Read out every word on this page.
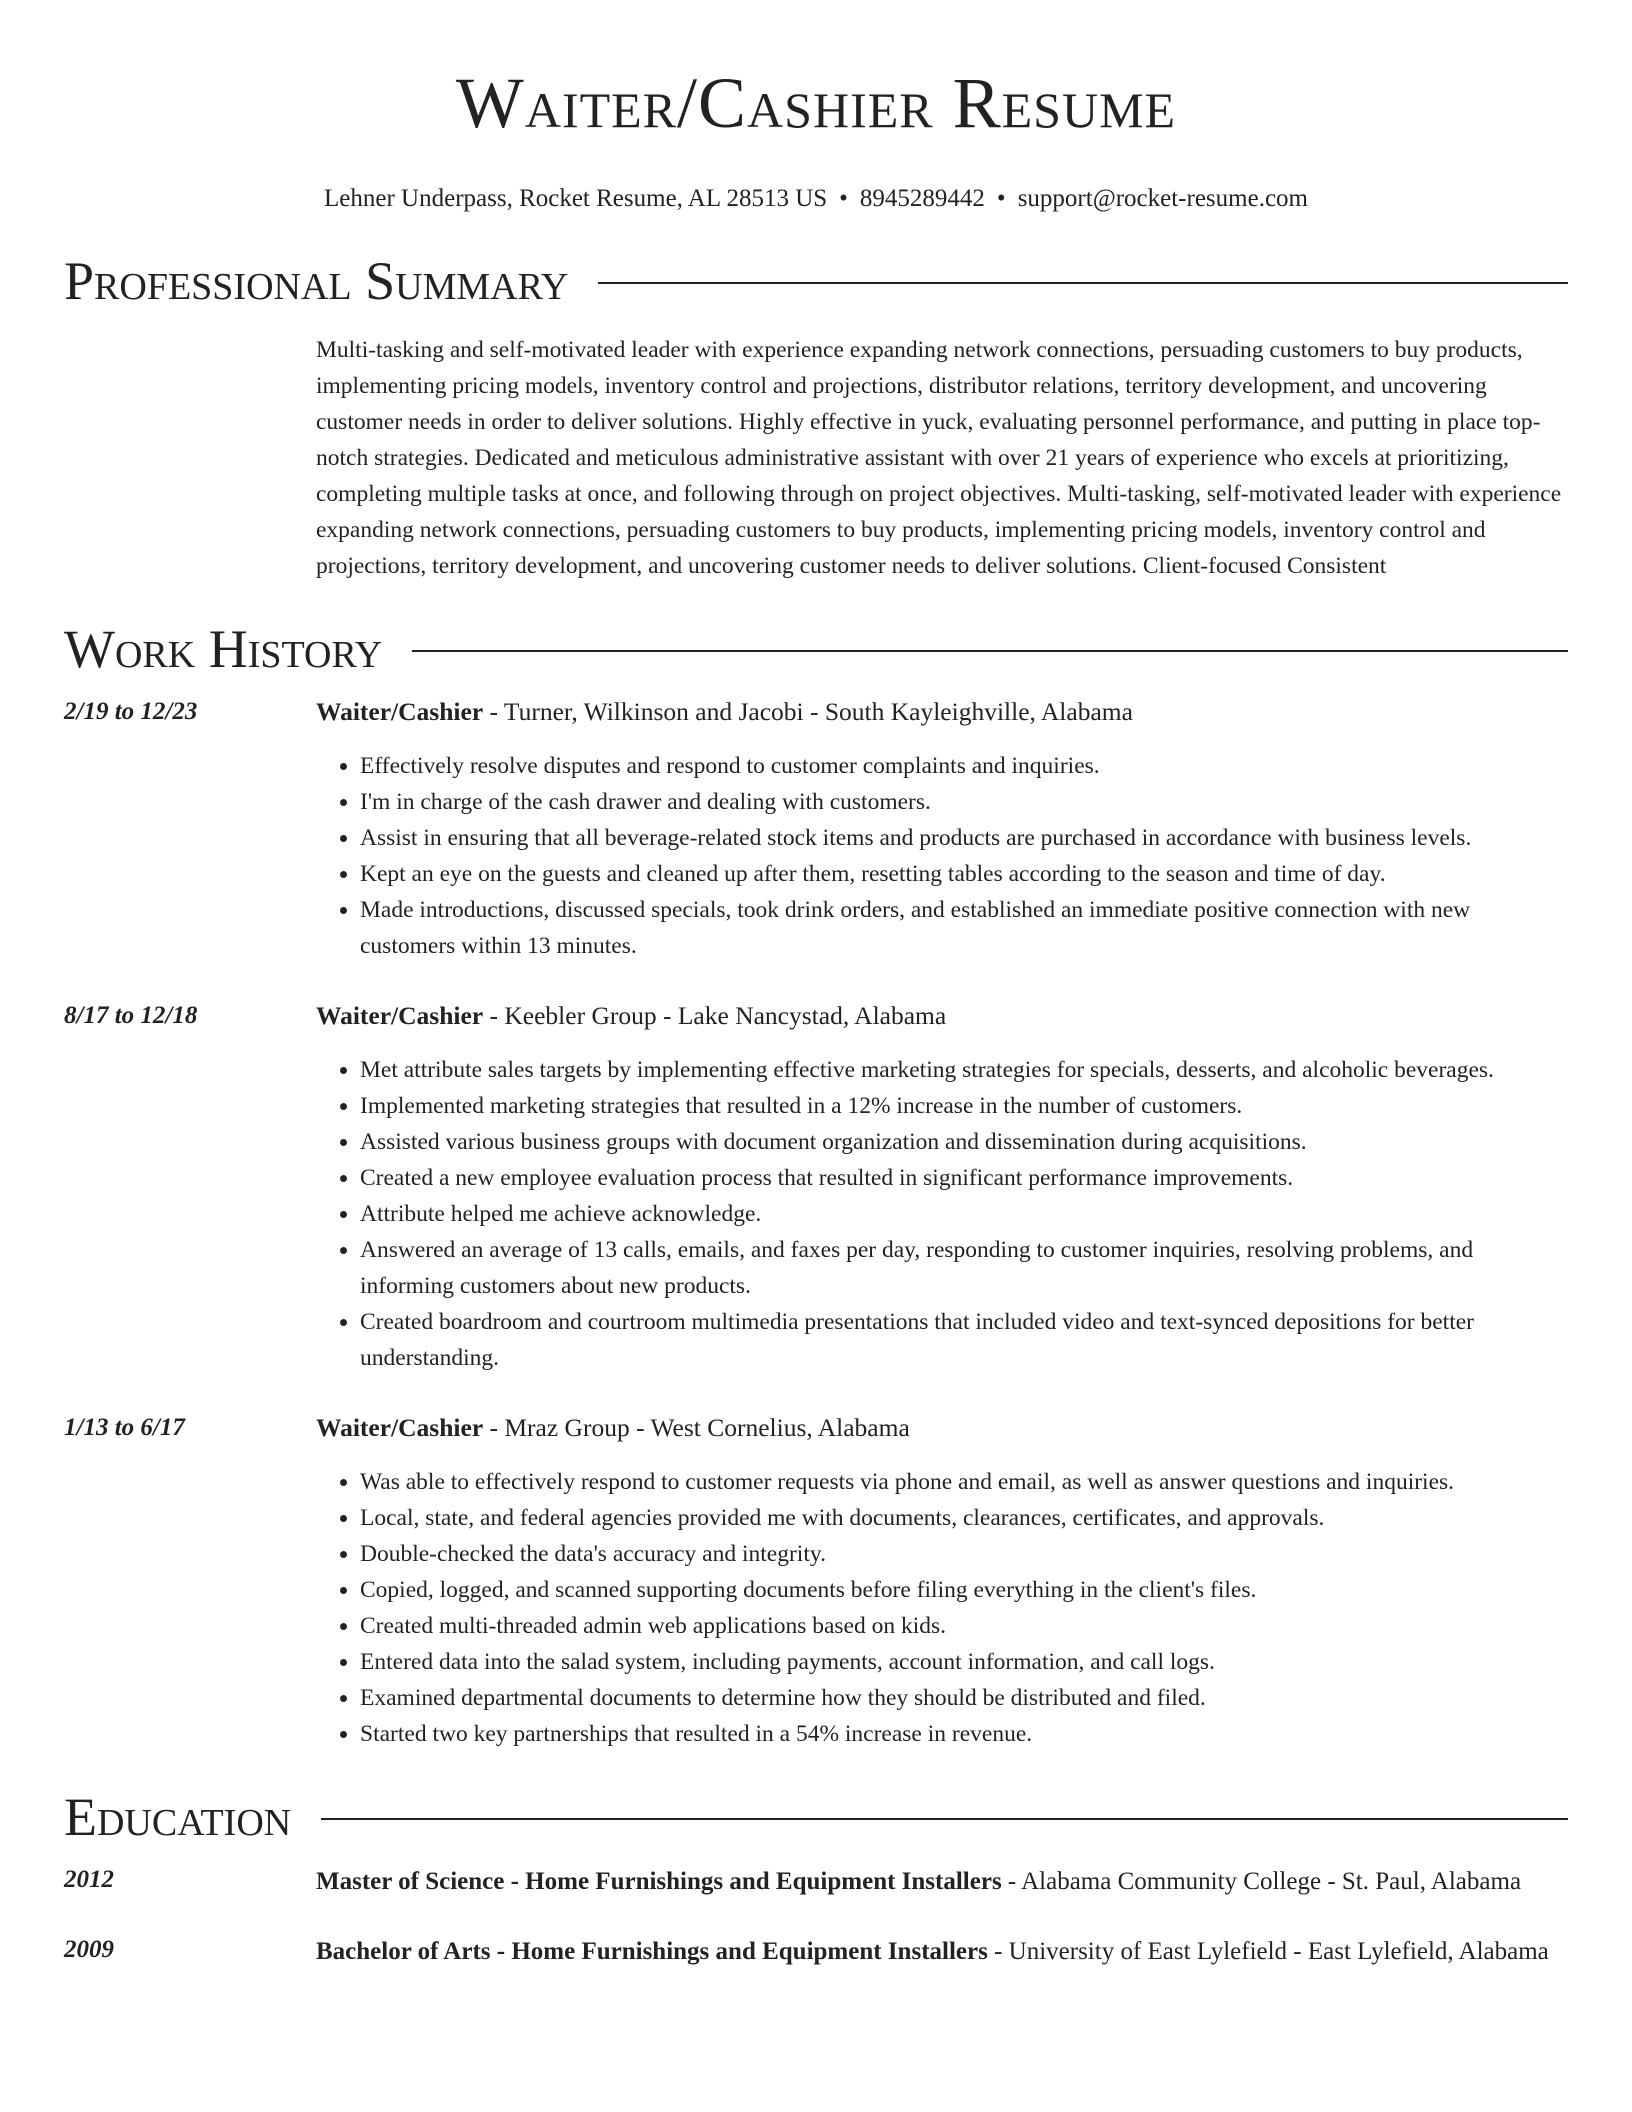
Waiter/Cashier Resume
Lehner Underpass, Rocket Resume, AL 28513 US • 8945289442 • support@rocket-resume.com
Professional Summary
Multi-tasking and self-motivated leader with experience expanding network connections, persuading customers to buy products, implementing pricing models, inventory control and projections, distributor relations, territory development, and uncovering customer needs in order to deliver solutions. Highly effective in yuck, evaluating personnel performance, and putting in place top-notch strategies. Dedicated and meticulous administrative assistant with over 21 years of experience who excels at prioritizing, completing multiple tasks at once, and following through on project objectives. Multi-tasking, self-motivated leader with experience expanding network connections, persuading customers to buy products, implementing pricing models, inventory control and projections, territory development, and uncovering customer needs to deliver solutions. Client-focused Consistent
Work History
2/19 to 12/23	Waiter/Cashier - Turner, Wilkinson and Jacobi - South Kayleighville, Alabama
• Effectively resolve disputes and respond to customer complaints and inquiries.
• I'm in charge of the cash drawer and dealing with customers.
• Assist in ensuring that all beverage-related stock items and products are purchased in accordance with business levels.
• Kept an eye on the guests and cleaned up after them, resetting tables according to the season and time of day.
• Made introductions, discussed specials, took drink orders, and established an immediate positive connection with new customers within 13 minutes.
8/17 to 12/18	Waiter/Cashier - Keebler Group - Lake Nancystad, Alabama
• Met attribute sales targets by implementing effective marketing strategies for specials, desserts, and alcoholic beverages.
• Implemented marketing strategies that resulted in a 12% increase in the number of customers.
• Assisted various business groups with document organization and dissemination during acquisitions.
• Created a new employee evaluation process that resulted in significant performance improvements.
• Attribute helped me achieve acknowledge.
• Answered an average of 13 calls, emails, and faxes per day, responding to customer inquiries, resolving problems, and informing customers about new products.
• Created boardroom and courtroom multimedia presentations that included video and text-synced depositions for better understanding.
1/13 to 6/17	Waiter/Cashier - Mraz Group - West Cornelius, Alabama
• Was able to effectively respond to customer requests via phone and email, as well as answer questions and inquiries.
• Local, state, and federal agencies provided me with documents, clearances, certificates, and approvals.
• Double-checked the data's accuracy and integrity.
• Copied, logged, and scanned supporting documents before filing everything in the client's files.
• Created multi-threaded admin web applications based on kids.
• Entered data into the salad system, including payments, account information, and call logs.
• Examined departmental documents to determine how they should be distributed and filed.
• Started two key partnerships that resulted in a 54% increase in revenue.
Education
2012	Master of Science - Home Furnishings and Equipment Installers - Alabama Community College - St. Paul, Alabama
2009	Bachelor of Arts - Home Furnishings and Equipment Installers - University of East Lylefield - East Lylefield, Alabama
